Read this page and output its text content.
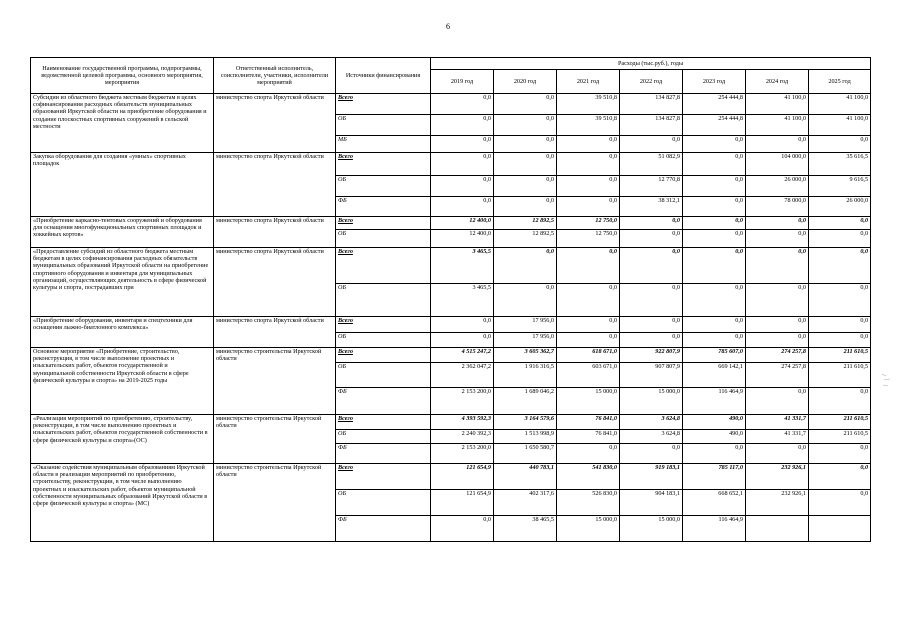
6
Наименование государственной программы, подпрограммы, ведомственной целевой программы, основного мероприятия, мероприятия	Ответственный исполнитель, соисполнители, участники, исполнители мероприятий	Источники финансирования	Расходы (тыс.руб.), годы						
			2019 год	2020 год	2021 год	2022 год	2023 год	2024 год	2025 год
Субсидии из областного бюджета местным бюджетам в целях софинансирования расходных обязательств муниципальных образований Иркутской области на приобретение оборудования и создание плоскостных спортивных сооружений в сельской местности	министерство спорта Иркутской области	Всего	0,0	0,0	39 510,8	134 827,8	254 444,8	41 100,0	41 100,0
		ОБ	0,0	0,0	39 510,8	134 827,8	254 444,8	41 100,0	41 100,0
		МБ	0,0	0,0	0,0	0,0	0,0	0,0	0,0
Закупка оборудования для создания «умных» спортивных площадок	министерство спорта Иркутской области	Всего	0,0	0,0	0,0	51 082,9	0,0	104 000,0	35 616,5
		ОБ	0,0	0,0	0,0	12 770,8	0,0	26 000,0	9 616,5
		ФБ	0,0	0,0	0,0	38 312,1	0,0	78 000,0	26 000,0
«Приобретение каркасно-тентовых сооружений и оборудования для оснащения многофункциональных спортивных площадок и хоккейных кортов»	министерство спорта Иркутской области	Всего	12 400,0	12 892,5	12 750,0	0,0	0,0	0,0	0,0
		ОБ	12 400,0	12 892,5	12 750,0	0,0	0,0	0,0	0,0
«Предоставление субсидий из областного бюджета местным бюджетам в целях софинансирования расходных обязательств муниципальных образований Иркутской области на приобретение спортивного оборудования и инвентаря для муниципальных организаций, осуществляющих деятельность в сфере физической культуры и спорта, пострадавших при	министерство спорта Иркутской области	Всего	3 465,5	0,0	0,0	0,0	0,0	0,0	0,0
		ОБ	3 465,5	0,0	0,0	0,0	0,0	0,0	0,0
«Приобретение оборудования, инвентаря и спецтехники для оснащения лыжно-биатлонного комплекса»	министерство спорта Иркутской области	Всего	0,0	17 956,0	0,0	0,0	0,0	0,0	0,0
		ОБ	0,0	17 956,0	0,0	0,0	0,0	0,0	0,0
Основное мероприятие «Приобретение, строительство, реконструкция, в том числе выполнение проектных и изыскательских работ, объектов государственной и муниципальной собственности Иркутской области в сфере физической культуры и спорта» на 2019-2025 годы	министерство строительства Иркутской области	Всего	4 515 247,2	3 605 362,7	618 671,0	922 807,9	785 607,0	274 257,8	211 610,5
		ОБ	2 362 047,2	1 916 316,5	603 671,0	907 807,9	669 142,1	274 257,8	211 610,5
		ФБ	2 153 200,0	1 689 046,2	15 000,0	15 000,0	116 464,9	0,0	0,0
«Реализация мероприятий по приобретению, строительству, реконструкции, в том числе выполнению проектных и изыскательских работ, объектов государственной собственности в сфере физической культуры и спорта»(ОС)	министерство строительства Иркутской области	Всего	4 393 592,3	3 164 579,6	76 841,0	3 624,8	490,0	41 331,7	211 610,5
		ОБ	2 240 392,3	1 513 998,9	76 841,0	3 624,8	490,0	41 331,7	211 610,5
		ФБ	2 153 200,0	1 650 580,7	0,0	0,0	0,0	0,0	0,0
«Оказание содействия муниципальным образованиям Иркутской области в реализации мероприятий по приобретению, строительству, реконструкции, в том числе выполнению проектных и изыскательских работ, объектов муниципальной собственности муниципальных образований Иркутской области в сфере физической культуры и спорта» (МС)	министерство строительства Иркутской области	Всего	121 654,9	440 783,1	541 830,0	919 183,1	785 117,0	232 926,1	0,0
		ОБ	121 654,9	402 317,6	526 830,0	904 183,1	668 652,1	232 926,1	0,0
		ФБ	0,0	38 465,5	15 000,0	15 000,0	116 464,9		
